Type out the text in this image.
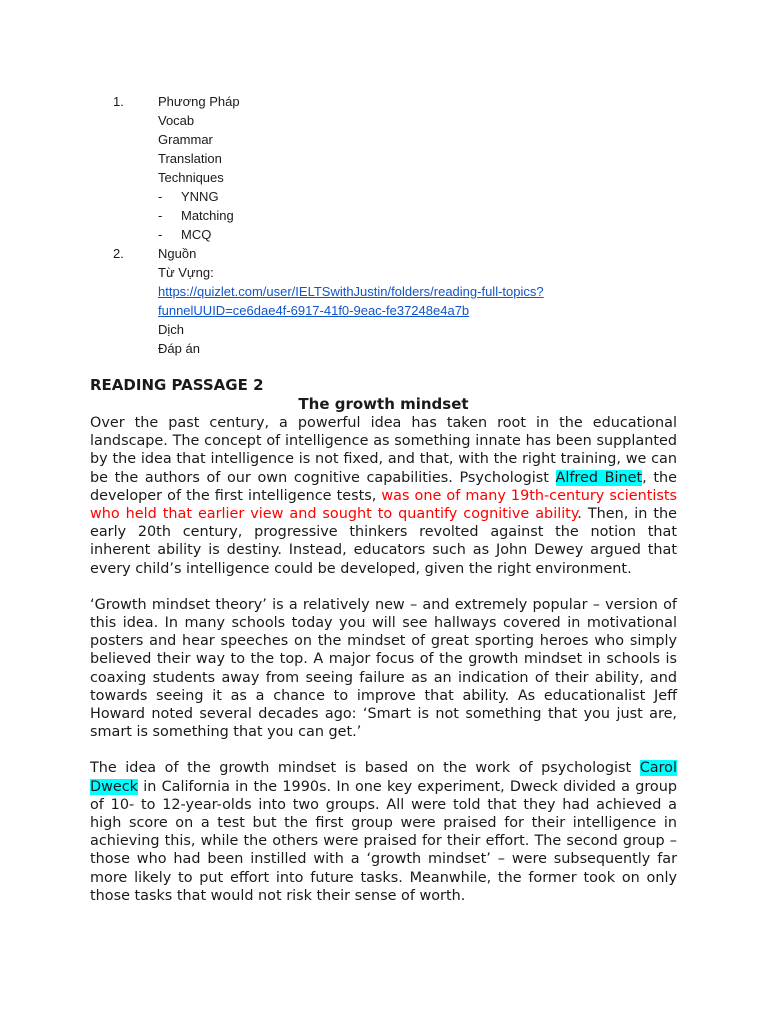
1.	Phương Pháp
Vocab
Grammar
Translation
Techniques
- YNNG
- Matching
- MCQ
2.	Nguồn
Từ Vựng:
https://quizlet.com/user/IELTSwithJustin/folders/reading-full-topics?
funnelUUID=ce6dae4f-6917-41f0-9eac-fe37248e4a7b
Dịch
Đáp án

READING PASSAGE 2

The growth mindset

Over the past century, a powerful idea has taken root in the educational landscape. The concept of intelligence as something innate has been supplanted by the idea that intelligence is not fixed, and that, with the right training, we can be the authors of our own cognitive capabilities. Psychologist Alfred Binet, the developer of the first intelligence tests, was one of many 19th-century scientists who held that earlier view and sought to quantify cognitive ability. Then, in the early 20th century, progressive thinkers revolted against the notion that inherent ability is destiny. Instead, educators such as John Dewey argued that every child’s intelligence could be developed, given the right environment.

‘Growth mindset theory’ is a relatively new – and extremely popular – version of this idea. In many schools today you will see hallways covered in motivational posters and hear speeches on the mindset of great sporting heroes who simply believed their way to the top. A major focus of the growth mindset in schools is coaxing students away from seeing failure as an indication of their ability, and towards seeing it as a chance to improve that ability. As educationalist Jeff Howard noted several decades ago: ‘Smart is not something that you just are, smart is something that you can get.’

The idea of the growth mindset is based on the work of psychologist Carol Dweck in California in the 1990s. In one key experiment, Dweck divided a group of 10- to 12-year-olds into two groups. All were told that they had achieved a high score on a test but the first group were praised for their intelligence in achieving this, while the others were praised for their effort. The second group – those who had been instilled with a ‘growth mindset’ – were subsequently far more likely to put effort into future tasks. Meanwhile, the former took on only those tasks that would not risk their sense of worth.
